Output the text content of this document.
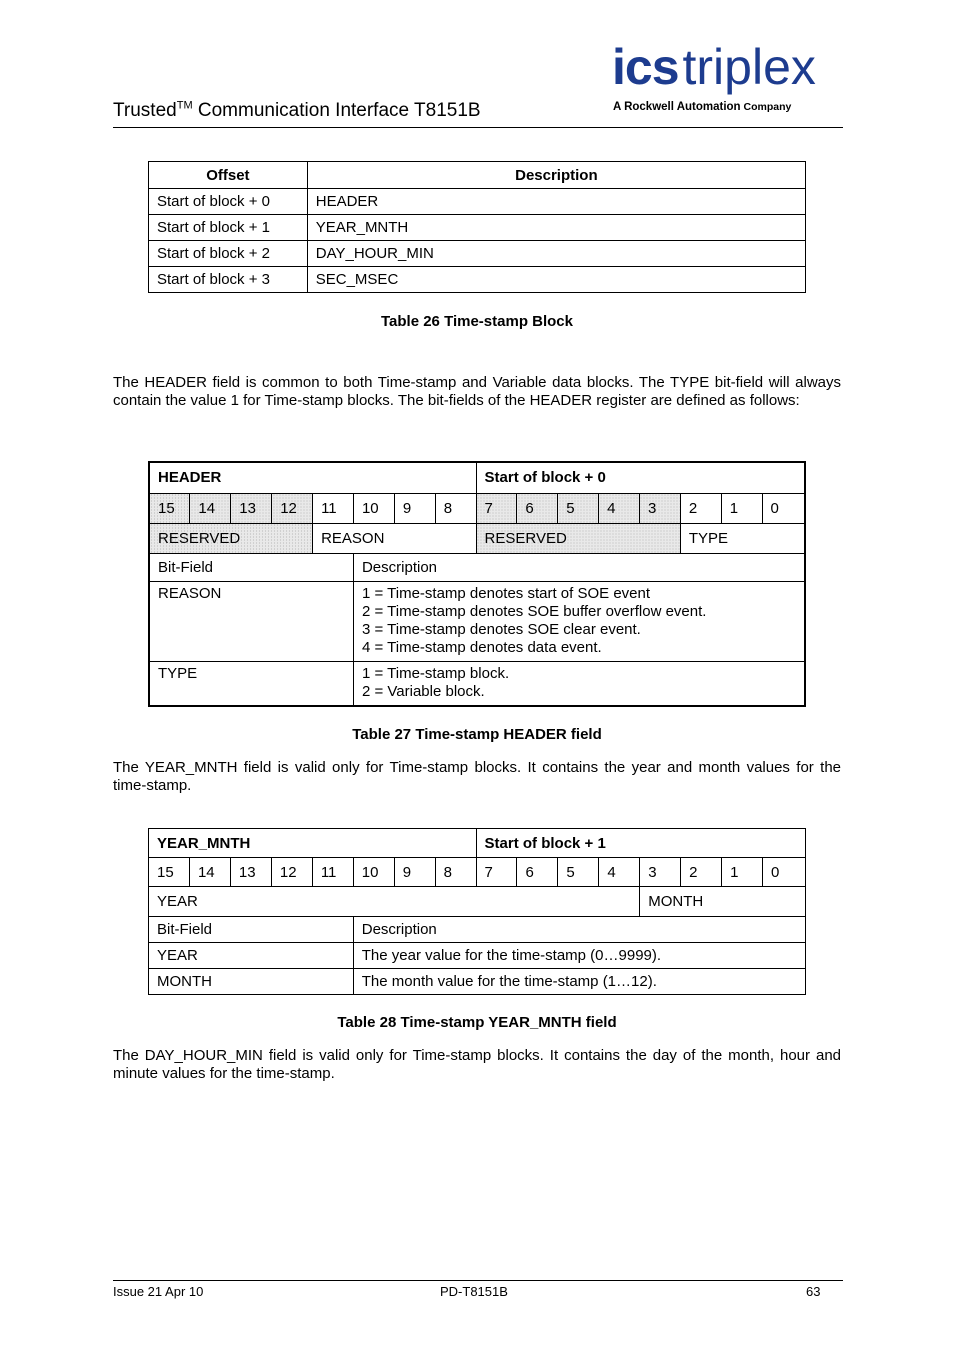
Trusted™ Communication Interface T8151B
icstriplex
A Rockwell Automation Company
Offset	Description
Start of block + 0	HEADER
Start of block + 1	YEAR_MNTH
Start of block + 2	DAY_HOUR_MIN
Start of block + 3	SEC_MSEC
Table 26 Time-stamp Block
The HEADER field is common to both Time-stamp and Variable data blocks. The TYPE bit-field will always contain the value 1 for Time-stamp blocks. The bit-fields of the HEADER register are defined as follows:
HEADER								Start of block + 0							
15	14	13	12	11	10	9	8	7	6	5	4	3	2	1	0
RESERVED				REASON				RESERVED					TYPE		
Bit-Field					Description										
REASON					1 = Time-stamp denotes start of SOE event
2 = Time-stamp denotes SOE buffer overflow event.
3 = Time-stamp denotes SOE clear event.
4 = Time-stamp denotes data event.										

TYPE					1 = Time-stamp block.
2 = Variable block.										
Table 27 Time-stamp HEADER field
The YEAR_MNTH field is valid only for Time-stamp blocks. It contains the year and month values for the time-stamp.
YEAR_MNTH								Start of block + 1							
15	14	13	12	11	10	9	8	7	6	5	4	3	2	1	0
YEAR												MONTH			
Bit-Field					Description										
YEAR					The year value for the time-stamp (0…9999).										
MONTH					The month value for the time-stamp (1…12).										
Table 28 Time-stamp YEAR_MNTH field
The DAY_HOUR_MIN field is valid only for Time-stamp blocks. It contains the day of the month, hour and minute values for the time-stamp.
Issue 21 Apr 10	PD-T8151B	63
